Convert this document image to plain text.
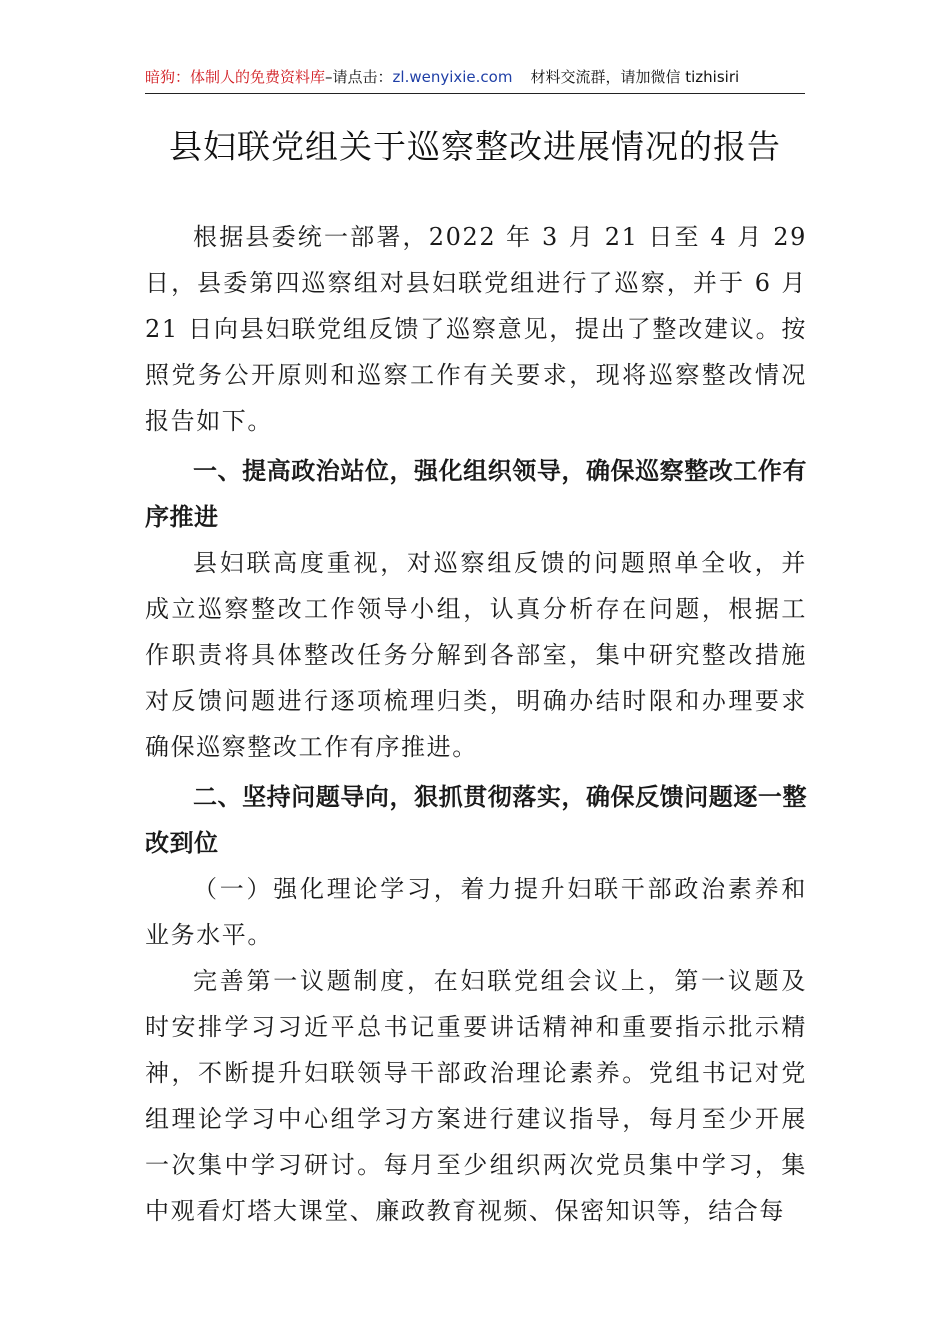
暗狗：体制人的免费资料库–请点击：zl.wenyixie.com 材料交流群，请加微信 tizhisiri
县妇联党组关于巡察整改进展情况的报告

根据县委统一部署，2022 年 3 月 21 日至 4 月 29 日，县委第四巡察组对县妇联党组进行了巡察，并于 6 月 21 日向县妇联党组反馈了巡察意见，提出了整改建议。按照党务公开原则和巡察工作有关要求，现将巡察整改情况报告如下。

一、提高政治站位，强化组织领导，确保巡察整改工作有序推进

县妇联高度重视，对巡察组反馈的问题照单全收，并成立巡察整改工作领导小组，认真分析存在问题，根据工作职责将具体整改任务分解到各部室，集中研究整改措施对反馈问题进行逐项梳理归类，明确办结时限和办理要求确保巡察整改工作有序推进。

二、坚持问题导向，狠抓贯彻落实，确保反馈问题逐一整改到位

（一）强化理论学习，着力提升妇联干部政治素养和业务水平。

完善第一议题制度，在妇联党组会议上，第一议题及时安排学习习近平总书记重要讲话精神和重要指示批示精神，不断提升妇联领导干部政治理论素养。党组书记对党组理论学习中心组学习方案进行建议指导，每月至少开展一次集中学习研讨。每月至少组织两次党员集中学习，集中观看灯塔大课堂、廉政教育视频、保密知识等，结合每
